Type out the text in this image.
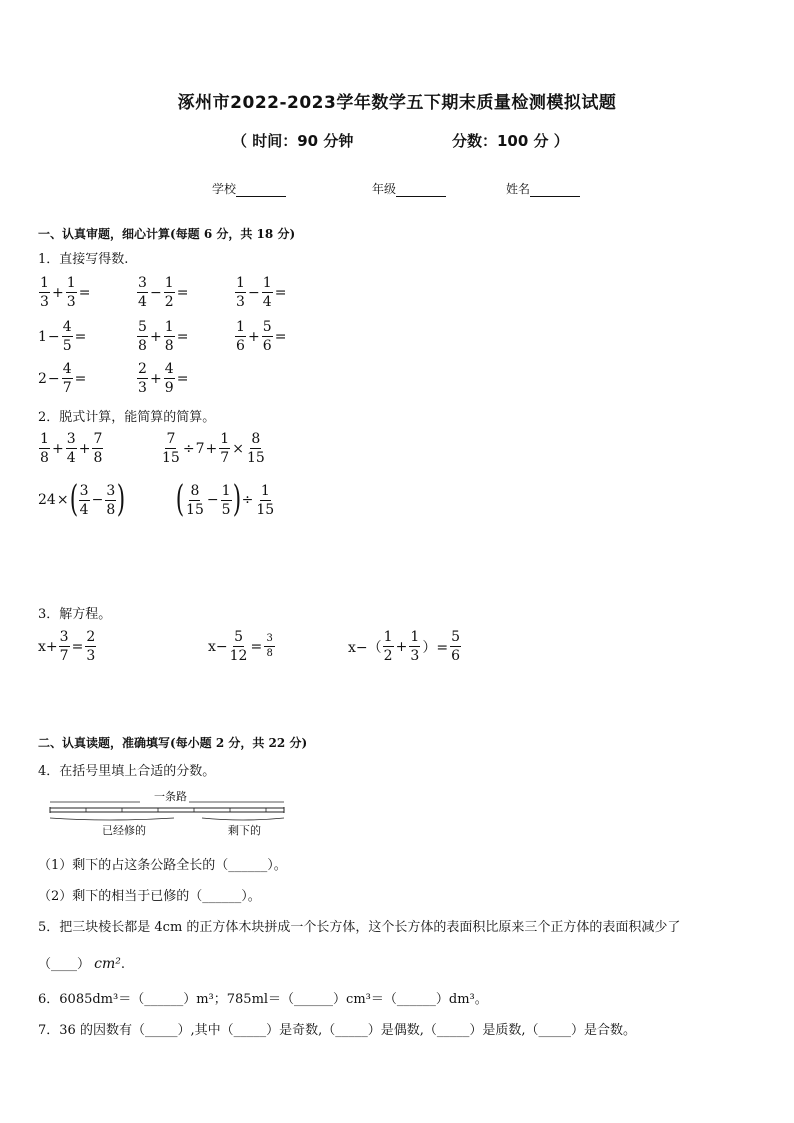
涿州市2022-2023学年数学五下期末质量检测模拟试题
（ 时间：90 分钟	分数：100 分 ）
学校	年级	姓名
一、认真审题，细心计算(每题 6 分，共 18 分)
1．直接写得数.
$\frac{1}{3} + \frac{1}{3}$ =	$\frac{3}{4} - \frac{1}{2}$ =	$\frac{1}{3} - \frac{1}{4}$ =
$1 - \frac{4}{5}$ =	$\frac{5}{8} + \frac{1}{8}$ =	$\frac{1}{6} + \frac{5}{6}$ =
$2 - \frac{4}{7}$ =	$\frac{2}{3} + \frac{4}{9}$ =
2．脱式计算，能简算的简算。
$\frac{1}{8} + \frac{3}{4} + \frac{7}{8}$	$\frac{7}{15} \div 7 + \frac{1}{7} \times \frac{8}{15}$
24 × ( $\frac{3}{4} - \frac{3}{8}$ ) ( $\frac{8}{15} - \frac{1}{5}$ ) ÷ $\frac{1}{15}$
3．解方程。
$x+ \frac{3}{7} = \frac{2}{3}$	$x- \frac{5}{12} = \frac{3}{8}$	$x-( \frac{1}{2} + \frac{1}{3}$ ）= $\frac{5}{6}$
二、认真读题，准确填写(每小题 2 分，共 22 分)
4．在括号里填上合适的分数。
一条路
已经修的	剩下的
（1）剩下的占这条公路全长的（______）。
（2）剩下的相当于已修的（______）。
5．把三块棱长都是 4cm 的正方体木块拼成一个长方体，这个长方体的表面积比原来三个正方体的表面积减少了
（____） cm².
6．6085dm³＝（______）m³；785ml＝（______）cm³＝（______）dm³。
7．36 的因数有（_____）,其中（_____）是奇数,（_____）是偶数,（_____）是质数,（_____）是合数。
